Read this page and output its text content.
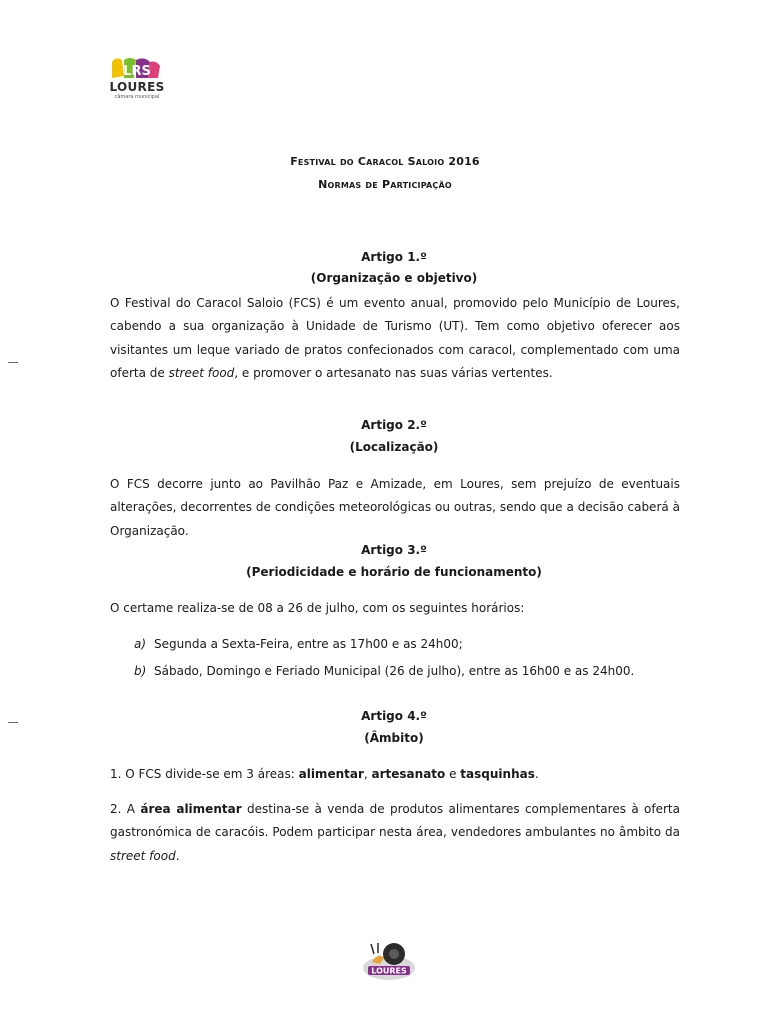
LRS
LOURES
câmara municipal
Festival do Caracol Saloio 2016
Normas de Participação
Artigo 1.º
(Organização e objetivo)

O Festival do Caracol Saloio (FCS) é um evento anual, promovido pelo Município de Loures, cabendo a sua organização à Unidade de Turismo (UT). Tem como objetivo oferecer aos visitantes um leque variado de pratos confecionados com caracol, complementado com uma oferta de street food, e promover o artesanato nas suas várias vertentes.

Artigo 2.º
(Localização)

O FCS decorre junto ao Pavilhão Paz e Amizade, em Loures, sem prejuízo de eventuais alterações, decorrentes de condições meteorológicas ou outras, sendo que a decisão caberá à Organização.

Artigo 3.º
(Periodicidade e horário de funcionamento)

O certame realiza-se de 08 a 26 de julho, com os seguintes horários:

a) Segunda a Sexta-Feira, entre as 17h00 e as 24h00;
b) Sábado, Domingo e Feriado Municipal (26 de julho), entre as 16h00 e as 24h00.
Artigo 4.º
(Âmbito)

1. O FCS divide-se em 3 áreas: alimentar, artesanato e tasquinhas.

2. A área alimentar destina-se à venda de produtos alimentares complementares à oferta gastronómica de caracóis. Podem participar nesta área, vendedores ambulantes no âmbito da street food.

LOURES
